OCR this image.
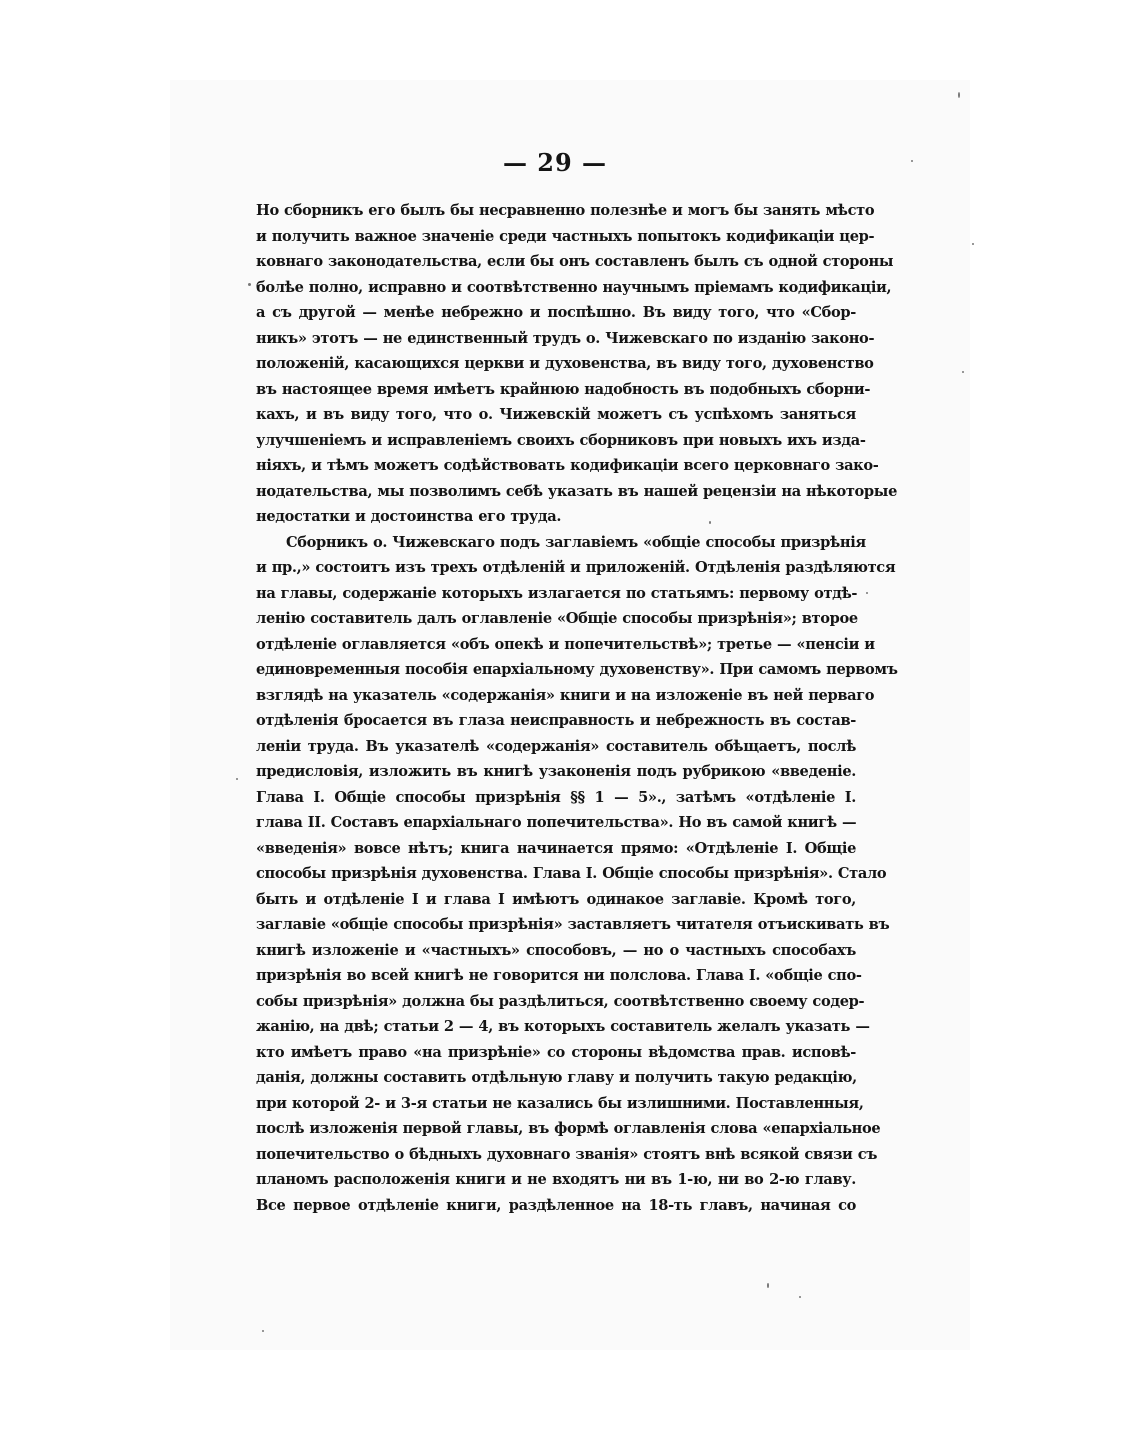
— 29 —
Но сборникъ его былъ бы несравненно полезнѣе и могъ бы занять мѣсто
и получить важное значеніе среди частныхъ попытокъ кодификаціи цер-
ковнаго законодательства, если бы онъ составленъ былъ съ одной стороны
болѣе полно, исправно и соотвѣтственно научнымъ пріемамъ кодификаціи,
а съ другой — менѣе небрежно и поспѣшно. Въ виду того, что «Сбор-
никъ» этотъ — не единственный трудъ о. Чижевскаго по изданію законо-
положеній, касающихся церкви и духовенства, въ виду того, духовенство
въ настоящее время имѣетъ крайнюю надобность въ подобныхъ сборни-
кахъ, и въ виду того, что о. Чижевскій можетъ съ успѣхомъ заняться
улучшеніемъ и исправленіемъ своихъ сборниковъ при новыхъ ихъ изда-
ніяхъ, и тѣмъ можетъ содѣйствовать кодификаціи всего церковнаго зако-
нодательства, мы позволимъ себѣ указать въ нашей рецензіи на нѣкоторые
недостатки и достоинства его труда.
Сборникъ о. Чижевскаго подъ заглавіемъ «общіе способы призрѣнія
и пр.,» состоитъ изъ трехъ отдѣленій и приложеній. Отдѣленія раздѣляются
на главы, содержаніе которыхъ излагается по статьямъ: первому отдѣ-
ленію составитель далъ оглавленіе «Общіе способы призрѣнія»; второе
отдѣленіе оглавляется «объ опекѣ и попечительствѣ»; третье — «пенсіи и
единовременныя пособія епархіальному духовенству». При самомъ первомъ
взглядѣ на указатель «содержанія» книги и на изложеніе въ ней перваго
отдѣленія бросается въ глаза неисправность и небрежность въ состав-
леніи труда. Въ указателѣ «содержанія» составитель обѣщаетъ, послѣ
предисловія, изложить въ книгѣ узаконенія подъ рубрикою «введеніе.
Глава I. Общіе способы призрѣнія §§ 1 — 5»., затѣмъ «отдѣленіе I.
глава II. Составъ епархіальнаго попечительства». Но въ самой книгѣ —
«введенія» вовсе нѣтъ; книга начинается прямо: «Отдѣленіе I. Общіе
способы призрѣнія духовенства. Глава I. Общіе способы призрѣнія». Стало
быть и отдѣленіе I и глава I имѣютъ одинакое заглавіе. Кромѣ того,
заглавіе «общіе способы призрѣнія» заставляетъ читателя отъискивать въ
книгѣ изложеніе и «частныхъ» способовъ, — но о частныхъ способахъ
призрѣнія во всей книгѣ не говорится ни полслова. Глава I. «общіе спо-
собы призрѣнія» должна бы раздѣлиться, соотвѣтственно своему содер-
жанію, на двѣ; статьи 2 — 4, въ которыхъ составитель желалъ указать —
кто имѣетъ право «на призрѣніе» со стороны вѣдомства прав. исповѣ-
данія, должны составить отдѣльную главу и получить такую редакцію,
при которой 2- и 3-я статьи не казались бы излишними. Поставленныя,
послѣ изложенія первой главы, въ формѣ оглавленія слова «епархіальное
попечительство о бѣдныхъ духовнаго званія» стоятъ внѣ всякой связи съ
планомъ расположенія книги и не входятъ ни въ 1-ю, ни во 2-ю главу.
Все первое отдѣленіе книги, раздѣленное на 18-ть главъ, начиная со
